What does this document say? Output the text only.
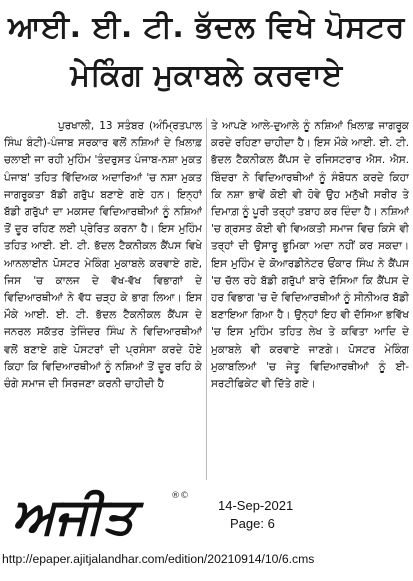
ਆਈ. ਈ. ਟੀ. ਭੱਦਲ ਵਿਖੇ ਪੋਸਟਰ
ਮੇਕਿੰਗ ਮੁਕਾਬਲੇ ਕਰਵਾਏ

ਪੁਰਖਾਲੀ, 13 ਸਤੰਬਰ (ਅੰਮ੍ਰਿਤਪਾਲ ਸਿੰਘ ਬੰਟੀ)-ਪੰਜਾਬ ਸਰਕਾਰ ਵਲੋਂ ਨਸ਼ਿਆਂ ਦੇ ਖ਼ਿਲਾਫ਼ ਚਲਾਈ ਜਾ ਰਹੀ ਮੁਹਿੰਮ 'ਤੰਦਰੁਸਤ ਪੰਜਾਬ-ਨਸ਼ਾ ਮੁਕਤ ਪੰਜਾਬ' ਤਹਿਤ ਵਿੱਦਿਅਕ ਅਦਾਰਿਆਂ 'ਚ ਨਸ਼ਾ ਮੁਕਤ ਜਾਗਰੂਕਤਾ ਬੱਡੀ ਗਰੁੱਪ ਬਣਾਏ ਗਏ ਹਨ। ਇਨ੍ਹਾਂ ਬੱਡੀ ਗਰੁੱਪਾਂ ਦਾ ਮਕਸਦ ਵਿਦਿਆਰਥੀਆਂ ਨੂੰ ਨਸ਼ਿਆਂ ਤੋਂ ਦੂਰ ਰਹਿਣ ਲਈ ਪ੍ਰੇਰਿਤ ਕਰਨਾ ਹੈ। ਇਸ ਮੁਹਿੰਮ ਤਹਿਤ ਆਈ. ਈ. ਟੀ. ਭੱਦਲ ਟੈਕਨੀਕਲ ਕੈਂਪਸ ਵਿਖੇ ਆਨਲਾਈਨ ਪੋਸਟਰ ਮੇਕਿੰਗ ਮੁਕਾਬਲੇ ਕਰਵਾਏ ਗਏ, ਜਿਸ 'ਚ ਕਾਲਜ ਦੇ ਵੱਖ-ਵੱਖ ਵਿਭਾਗਾਂ ਦੇ ਵਿਦਿਆਰਥੀਆਂ ਨੇ ਵੱਧ ਚੜ੍ਹ ਕੇ ਭਾਗ ਲਿਆ। ਇਸ ਮੌਕੇ ਆਈ. ਈ. ਟੀ. ਭੱਦਲ ਟੈਕਨੀਕਲ ਕੈਂਪਸ ਦੇ ਜਨਰਲ ਸਕੱਤਰ ਤੇਜਿੰਦਰ ਸਿੰਘ ਨੇ ਵਿਦਿਆਰਥੀਆਂ ਵਲੋਂ ਬਣਾਏ ਗਏ ਪੋਸਟਰਾਂ ਦੀ ਪ੍ਰਸੰਸਾ ਕਰਦੇ ਹੋਏ ਕਿਹਾ ਕਿ ਵਿਦਿਆਰਥੀਆਂ ਨੂੰ ਨਸ਼ਿਆਂ ਤੋਂ ਦੂਰ ਰਹਿ ਕੇ ਚੰਗੇ ਸਮਾਜ ਦੀ ਸਿਰਜਣਾ ਕਰਨੀ ਚਾਹੀਦੀ ਹੈ

ਤੇ ਆਪਣੇ ਆਲੇ-ਦੁਆਲੇ ਨੂੰ ਨਸ਼ਿਆਂ ਖ਼ਿਲਾਫ਼ ਜਾਗਰੂਕ ਕਰਦੇ ਰਹਿਣਾ ਚਾਹੀਦਾ ਹੈ। ਇਸ ਮੌਕੇ ਆਈ. ਈ. ਟੀ. ਭੱਦਲ ਟੈਕਨੀਕਲ ਕੈਂਪਸ ਦੇ ਰਜਿਸਟਰਾਰ ਐਸ. ਐਸ. ਬਿੰਦਰਾ ਨੇ ਵਿਦਿਆਰਥੀਆਂ ਨੂੰ ਸੰਬੋਧਨ ਕਰਦੇ ਕਿਹਾ ਕਿ ਨਸ਼ਾ ਭਾਵੇਂ ਕੋਈ ਵੀ ਹੋਵੇ ਉਹ ਮਨੁੱਖੀ ਸਰੀਰ ਤੇ ਦਿਮਾਗ਼ ਨੂੰ ਪੂਰੀ ਤਰ੍ਹਾਂ ਤਬਾਹ ਕਰ ਦਿੰਦਾ ਹੈ। ਨਸ਼ਿਆਂ 'ਚ ਗ੍ਰਸਤ ਕੋਈ ਵੀ ਵਿਅਕਤੀ ਸਮਾਜ ਵਿਚ ਕਿਸੇ ਵੀ ਤਰ੍ਹਾਂ ਦੀ ਉਸਾਰੂ ਭੂਮਿਕਾ ਅਦਾ ਨਹੀਂ ਕਰ ਸਕਦਾ। ਇਸ ਮੁਹਿੰਮ ਦੇ ਕੋਆਰਡੀਨੇਟਰ ਓਂਕਾਰ ਸਿੰਘ ਨੇ ਕੈਂਪਸ 'ਚ ਚੱਲ ਰਹੇ ਬੱਡੀ ਗਰੁੱਪਾਂ ਬਾਰੇ ਦੱਸਿਆ ਕਿ ਕੈਂਪਸ ਦੇ ਹਰ ਵਿਭਾਗ 'ਚ ਦੋ ਵਿਦਿਆਰਥੀਆਂ ਨੂੰ ਸੀਨੀਅਰ ਬੱਡੀ ਬਣਾਇਆ ਗਿਆ ਹੈ। ਉਨ੍ਹਾਂ ਇਹ ਵੀ ਦੱਸਿਆ ਭਵਿੱਖ 'ਚ ਇਸ ਮੁਹਿੰਮ ਤਹਿਤ ਲੇਖ ਤੇ ਕਵਿਤਾ ਆਦਿ ਦੇ ਮੁਕਾਬਲੇ ਵੀ ਕਰਵਾਏ ਜਾਣਗੇ। ਪੋਸਟਰ ਮੇਕਿੰਗ ਮੁਕਾਬਲਿਆਂ 'ਚ ਜੇਤੂ ਵਿਦਿਆਰਥੀਆਂ ਨੂੰ ਈ-ਸਰਟੀਫਿਕੇਟ ਵੀ ਦਿੱਤੇ ਗਏ।

ਅਜੀਤ	®©
14-Sep-2021
Page: 6
http://epaper.ajitjalandhar.com/edition/20210914/10/6.cms
